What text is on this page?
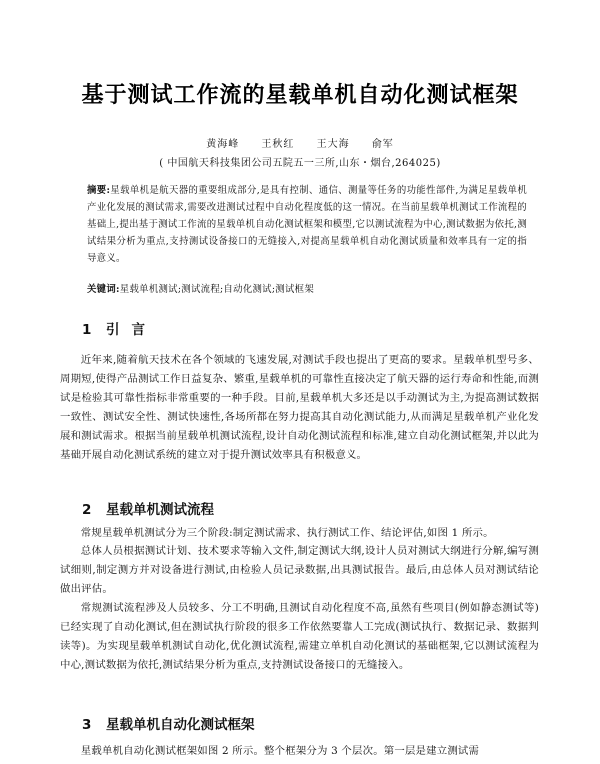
基于测试工作流的星载单机自动化测试框架
黄海峰 王秋红 王大海 俞军
( 中国航天科技集团公司五院五一三所,山东・烟台,264025)
摘要:星载单机是航天器的重要组成部分,是具有控制、通信、测量等任务的功能性部件,为满足星载单机产业化发展的测试需求,需要改进测试过程中自动化程度低的这一情况。在当前星载单机测试工作流程的基础上,提出基于测试工作流的星载单机自动化测试框架和模型,它以测试流程为中心,测试数据为依托,测试结果分析为重点,支持测试设备接口的无缝接入,对提高星载单机自动化测试质量和效率具有一定的指导意义。
关键词:星载单机测试;测试流程;自动化测试;测试框架
1 引言
近年来,随着航天技术在各个领域的飞速发展,对测试手段也提出了更高的要求。星载单机型号多、周期短,使得产品测试工作日益复杂、繁重,星载单机的可靠性直接决定了航天器的运行寿命和性能,而测试是检验其可靠性指标非常重要的一种手段。目前,星载单机大多还是以手动测试为主,为提高测试数据一致性、测试安全性、测试快速性,各场所都在努力提高其自动化测试能力,从而满足星载单机产业化发展和测试需求。根据当前星载单机测试流程,设计自动化测试流程和标准,建立自动化测试框架,并以此为基础开展自动化测试系统的建立对于提升测试效率具有积极意义。
2 星载单机测试流程
常规星载单机测试分为三个阶段:制定测试需求、执行测试工作、结论评估,如图 1 所示。
总体人员根据测试计划、技术要求等输入文件,制定测试大纲,设计人员对测试大纲进行分解,编写测试细则,制定测方并对设备进行测试,由检验人员记录数据,出具测试报告。最后,由总体人员对测试结论做出评估。
常规测试流程涉及人员较多、分工不明确,且测试自动化程度不高,虽然有些项目(例如静态测试等)已经实现了自动化测试,但在测试执行阶段的很多工作依然要靠人工完成(测试执行、数据记录、数据判读等)。为实现星载单机测试自动化,优化测试流程,需建立单机自动化测试的基础框架,它以测试流程为中心,测试数据为依托,测试结果分析为重点,支持测试设备接口的无缝接入。
3 星载单机自动化测试框架
星载单机自动化测试框架如图 2 所示。整个框架分为 3 个层次。第一层是建立测试需
